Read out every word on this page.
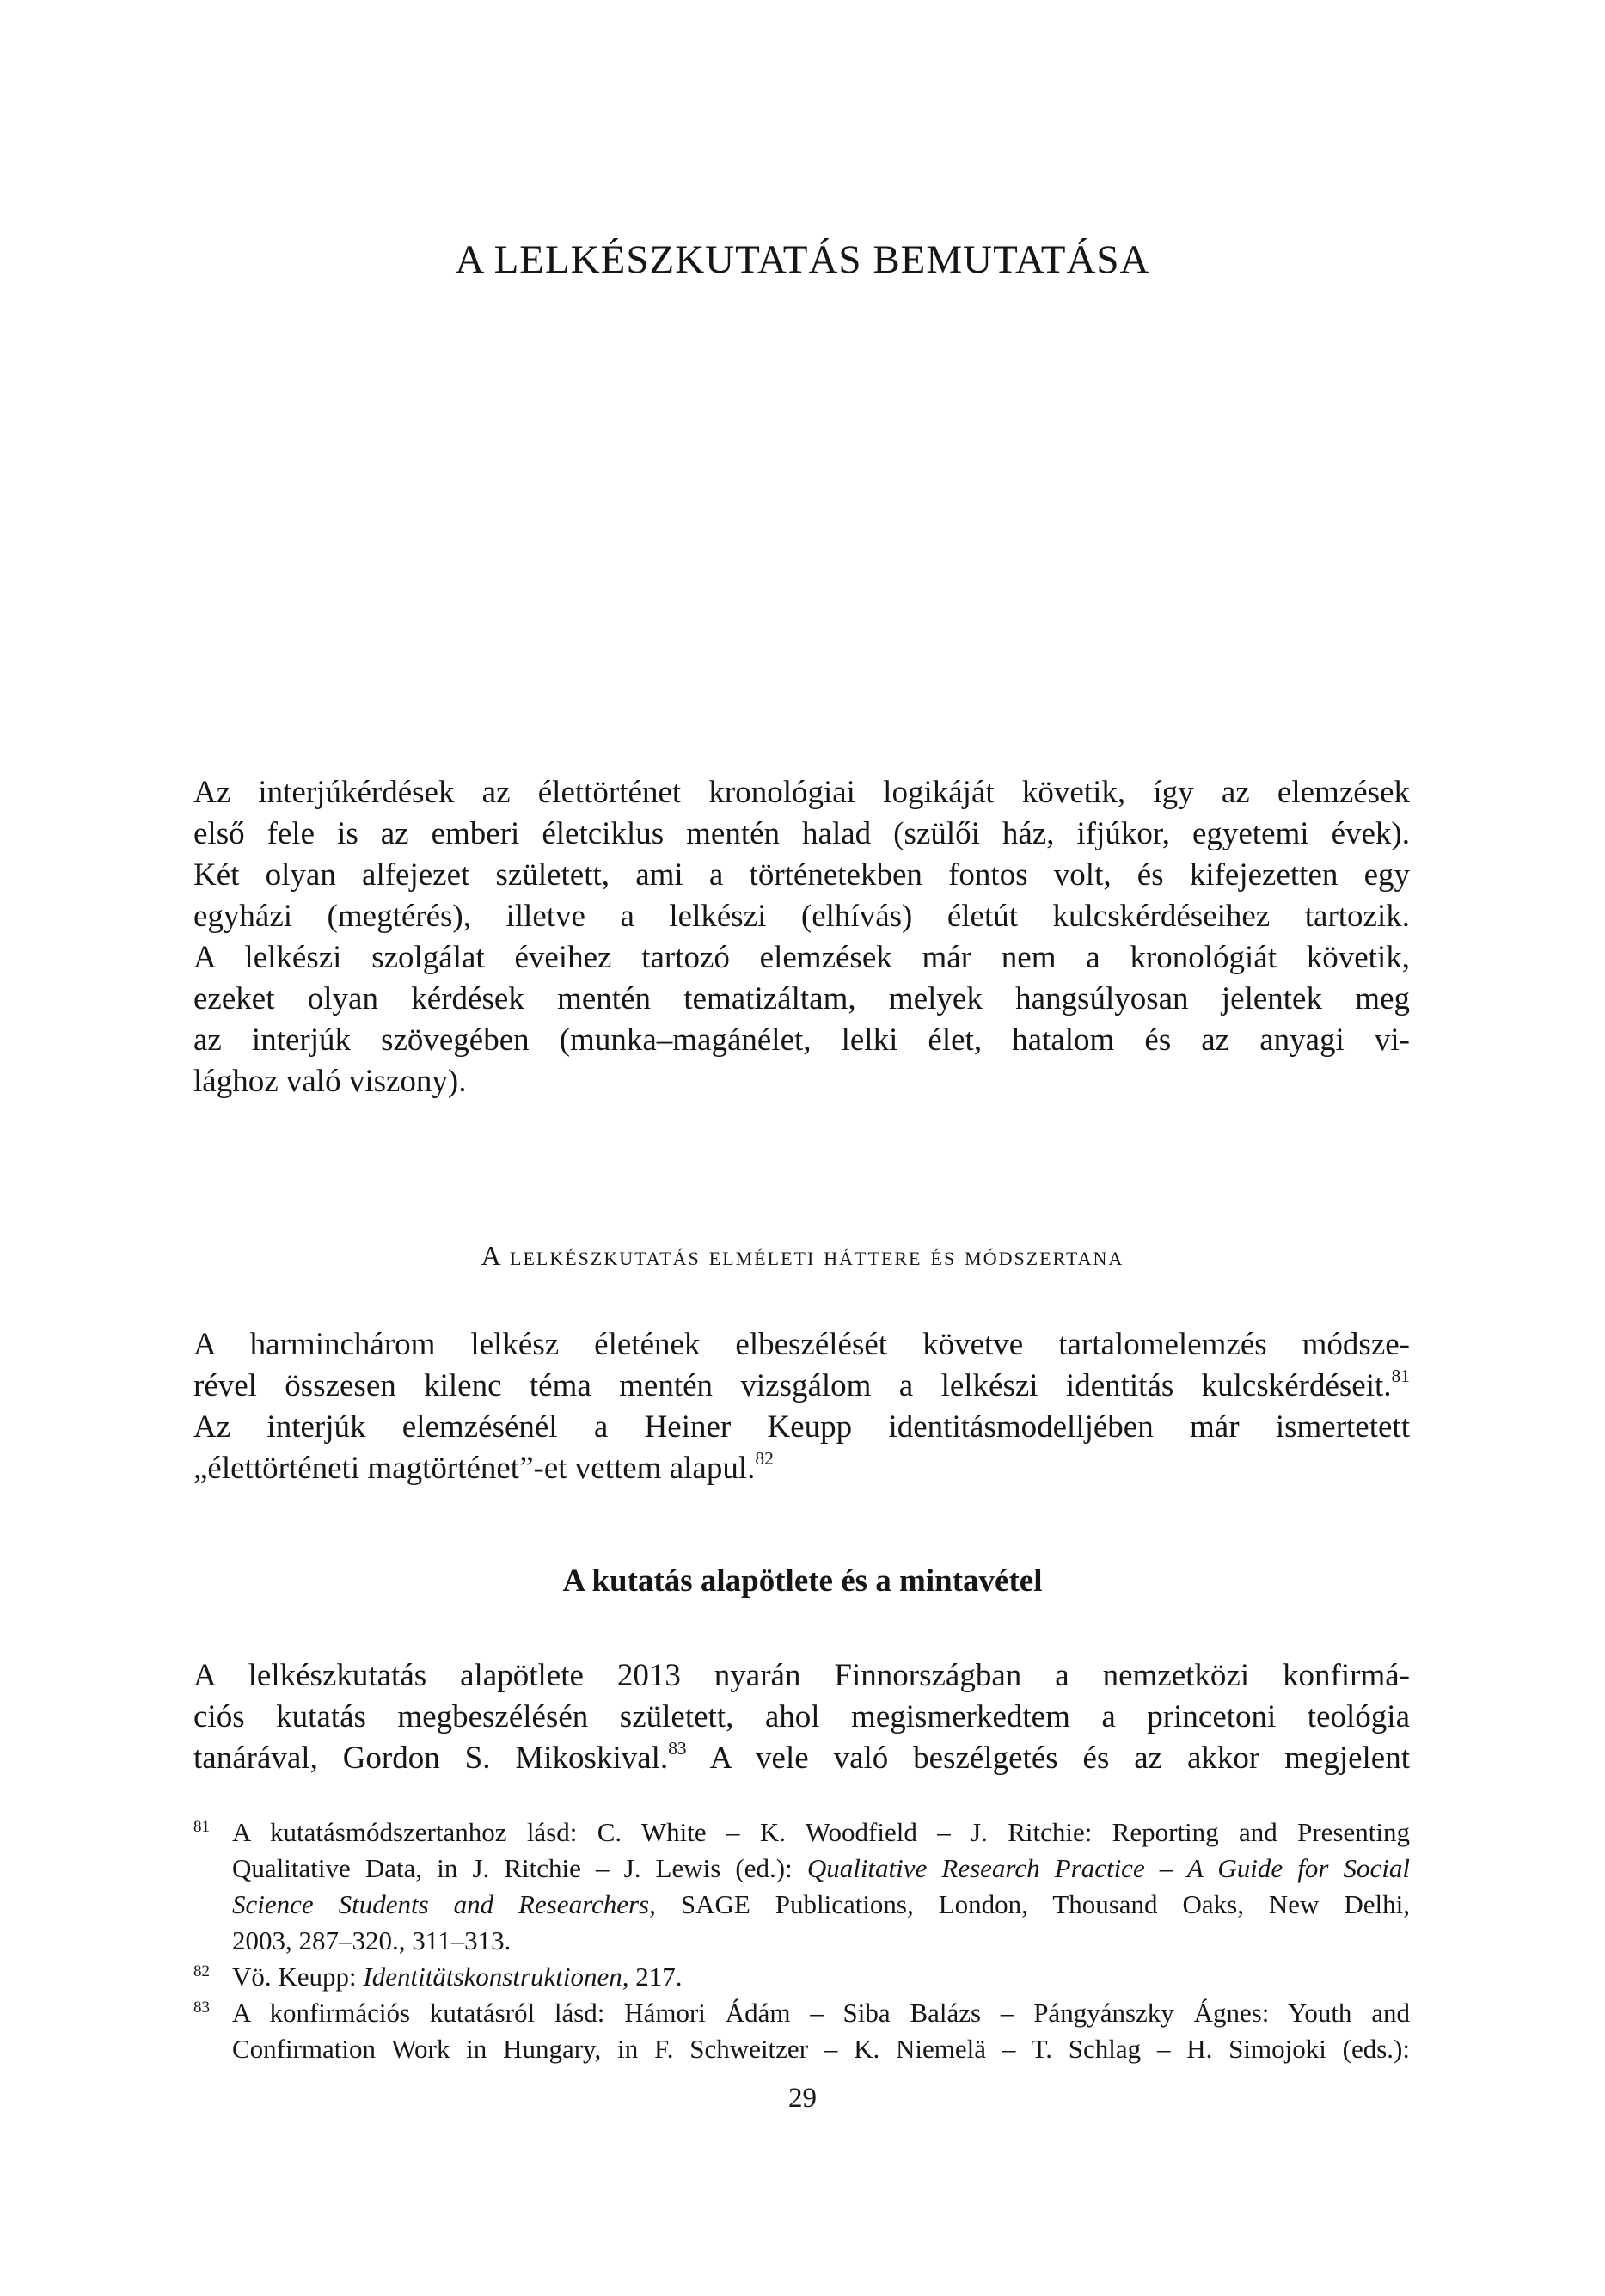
A LELKÉSZKUTATÁS BEMUTATÁSA
Az interjúkérdések az élettörténet kronológiai logikáját követik, így az elemzések
első fele is az emberi életciklus mentén halad (szülői ház, ifjúkor, egyetemi évek).
Két olyan alfejezet született, ami a történetekben fontos volt, és kifejezetten egy
egyházi (megtérés), illetve a lelkészi (elhívás) életút kulcskérdéseihez tartozik.
A lelkészi szolgálat éveihez tartozó elemzések már nem a kronológiát követik,
ezeket olyan kérdések mentén tematizáltam, melyek hangsúlyosan jelentek meg
az interjúk szövegében (munka–magánélet, lelki élet, hatalom és az anyagi vi-
lághoz való viszony).
A lelkészkutatás elméleti háttere és módszertana
A harminchárom lelkész életének elbeszélését követve tartalomelemzés módsze-
rével összesen kilenc téma mentén vizsgálom a lelkészi identitás kulcskérdéseit.$^{81}$
Az interjúk elemzésénél a Heiner Keupp identitásmodelljében már ismertetett
„élettörténeti magtörténet”-et vettem alapul.$^{82}$
A kutatás alapötlete és a mintavétel
A lelkészkutatás alapötlete 2013 nyarán Finnországban a nemzetközi konfirmá-
ciós kutatás megbeszélésén született, ahol megismerkedtem a princetoni teológia
tanárával, Gordon S. Mikoskival.$^{83}$ A vele való beszélgetés és az akkor megjelent
81 A kutatásmódszertanhoz lásd: C. White – K. Woodfield – J. Ritchie: Reporting and Presenting
Qualitative Data, in J. Ritchie – J. Lewis (ed.): Qualitative Research Practice – A Guide for Social
Science Students and Researchers, SAGE Publications, London, Thousand Oaks, New Delhi,
2003, 287–320., 311–313.
82 Vö. Keupp: Identitätskonstruktionen, 217.
83 A konfirmációs kutatásról lásd: Hámori Ádám – Siba Balázs – Pángyánszky Ágnes: Youth and
Confirmation Work in Hungary, in F. Schweitzer – K. Niemelä – T. Schlag – H. Simojoki (eds.):
29
